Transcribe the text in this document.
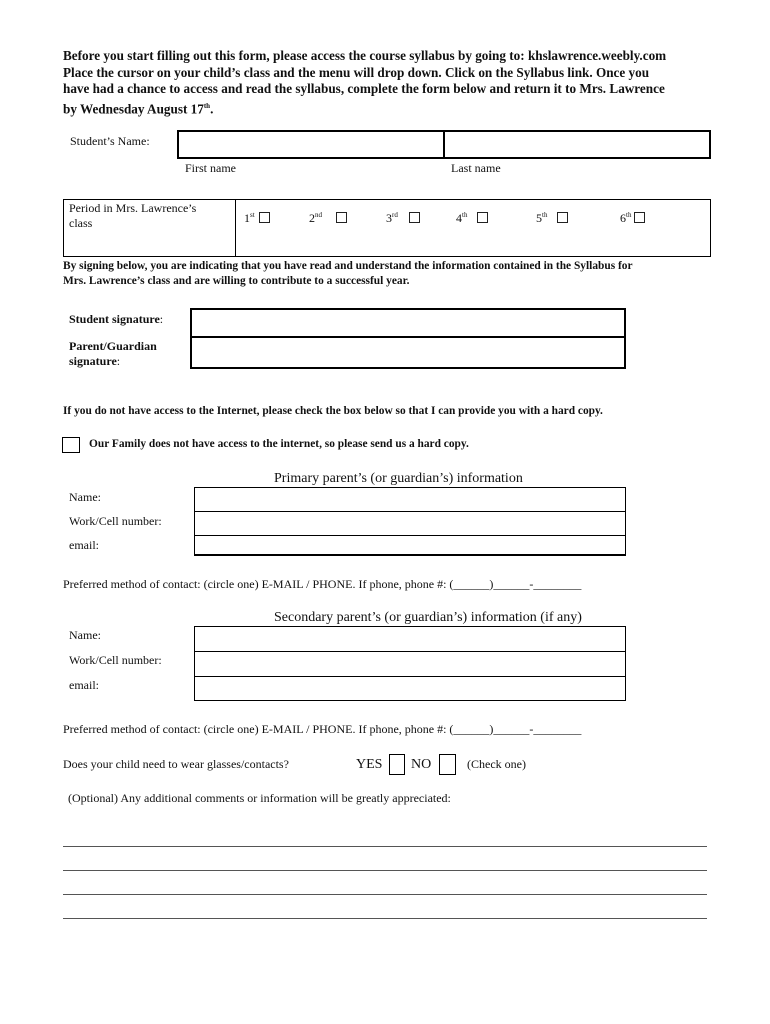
Before you start filling out this form, please access the course syllabus by going to: khslawrence.weebly.com
Place the cursor on your child’s class and the menu will drop down. Click on the Syllabus link. Once you
have had a chance to access and read the syllabus, complete the form below and return it to Mrs. Lawrence
by Wednesday August 17th.
Student’s Name:
First name	Last name
Period in Mrs. Lawrence’s
class	1st	2nd	3rd	4th	5th	6th
By signing below, you are indicating that you have read and understand the information contained in the Syllabus for
Mrs. Lawrence’s class and are willing to contribute to a successful year.
Student signature:
Parent/Guardian
signature:
If you do not have access to the Internet, please check the box below so that I can provide you with a hard copy.
Our Family does not have access to the internet, so please send us a hard copy.
Primary parent’s (or guardian’s) information
Name:
Work/Cell number:
email:
Preferred method of contact: (circle one) E-MAIL / PHONE. If phone, phone #: (______)______-________
Secondary parent’s (or guardian’s) information (if any)
Name:
Work/Cell number:
email:
Preferred method of contact: (circle one) E-MAIL / PHONE. If phone, phone #: (______)______-________
Does your child need to wear glasses/contacts?	YES NO	(Check one)
(Optional) Any additional comments or information will be greatly appreciated:
